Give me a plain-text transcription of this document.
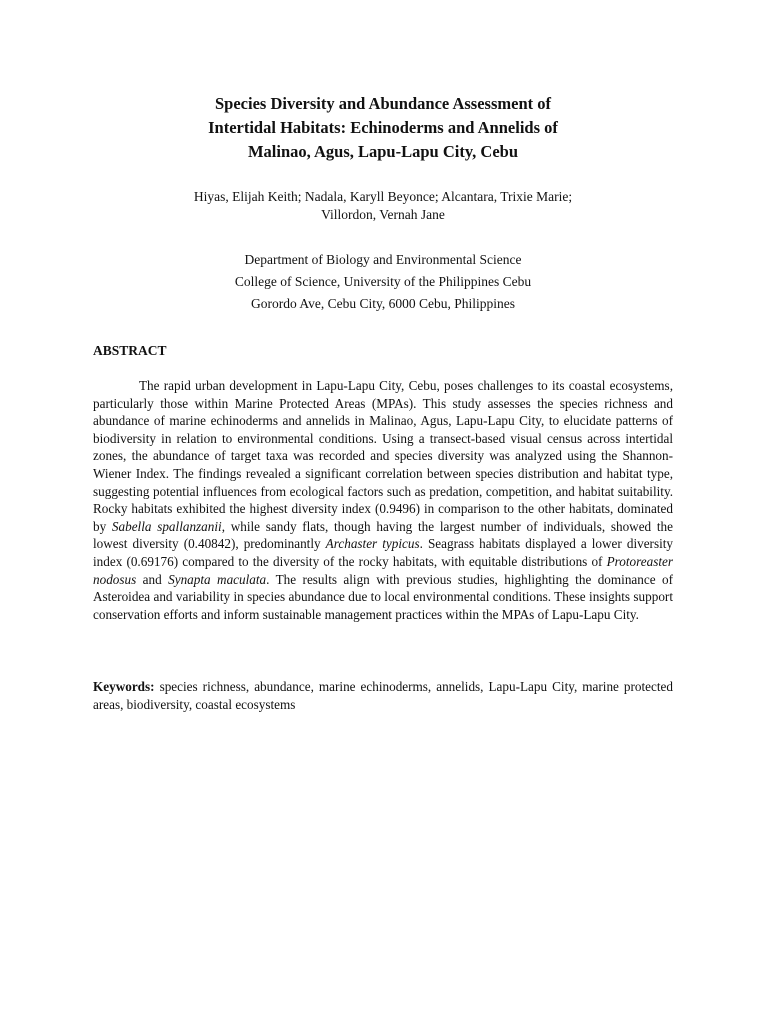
Species Diversity and Abundance Assessment of
Intertidal Habitats: Echinoderms and Annelids of
Malinao, Agus, Lapu-Lapu City, Cebu
Hiyas, Elijah Keith; Nadala, Karyll Beyonce; Alcantara, Trixie Marie;
Villordon, Vernah Jane
Department of Biology and Environmental Science
College of Science, University of the Philippines Cebu
Gorordo Ave, Cebu City, 6000 Cebu, Philippines
ABSTRACT

The rapid urban development in Lapu-Lapu City, Cebu, poses challenges to its coastal ecosystems, particularly those within Marine Protected Areas (MPAs). This study assesses the species richness and abundance of marine echinoderms and annelids in Malinao, Agus, Lapu-Lapu City, to elucidate patterns of biodiversity in relation to environmental conditions. Using a transect-based visual census across intertidal zones, the abundance of target taxa was recorded and species diversity was analyzed using the Shannon-Wiener Index. The findings revealed a significant correlation between species distribution and habitat type, suggesting potential influences from ecological factors such as predation, competition, and habitat suitability. Rocky habitats exhibited the highest diversity index (0.9496) in comparison to the other habitats, dominated by Sabella spallanzanii, while sandy flats, though having the largest number of individuals, showed the lowest diversity (0.40842), predominantly Archaster typicus. Seagrass habitats displayed a lower diversity index (0.69176) compared to the diversity of the rocky habitats, with equitable distributions of Protoreaster nodosus and Synapta maculata. The results align with previous studies, highlighting the dominance of Asteroidea and variability in species abundance due to local environmental conditions. These insights support conservation efforts and inform sustainable management practices within the MPAs of Lapu-Lapu City.

Keywords: species richness, abundance, marine echinoderms, annelids, Lapu-Lapu City, marine protected areas, biodiversity, coastal ecosystems
